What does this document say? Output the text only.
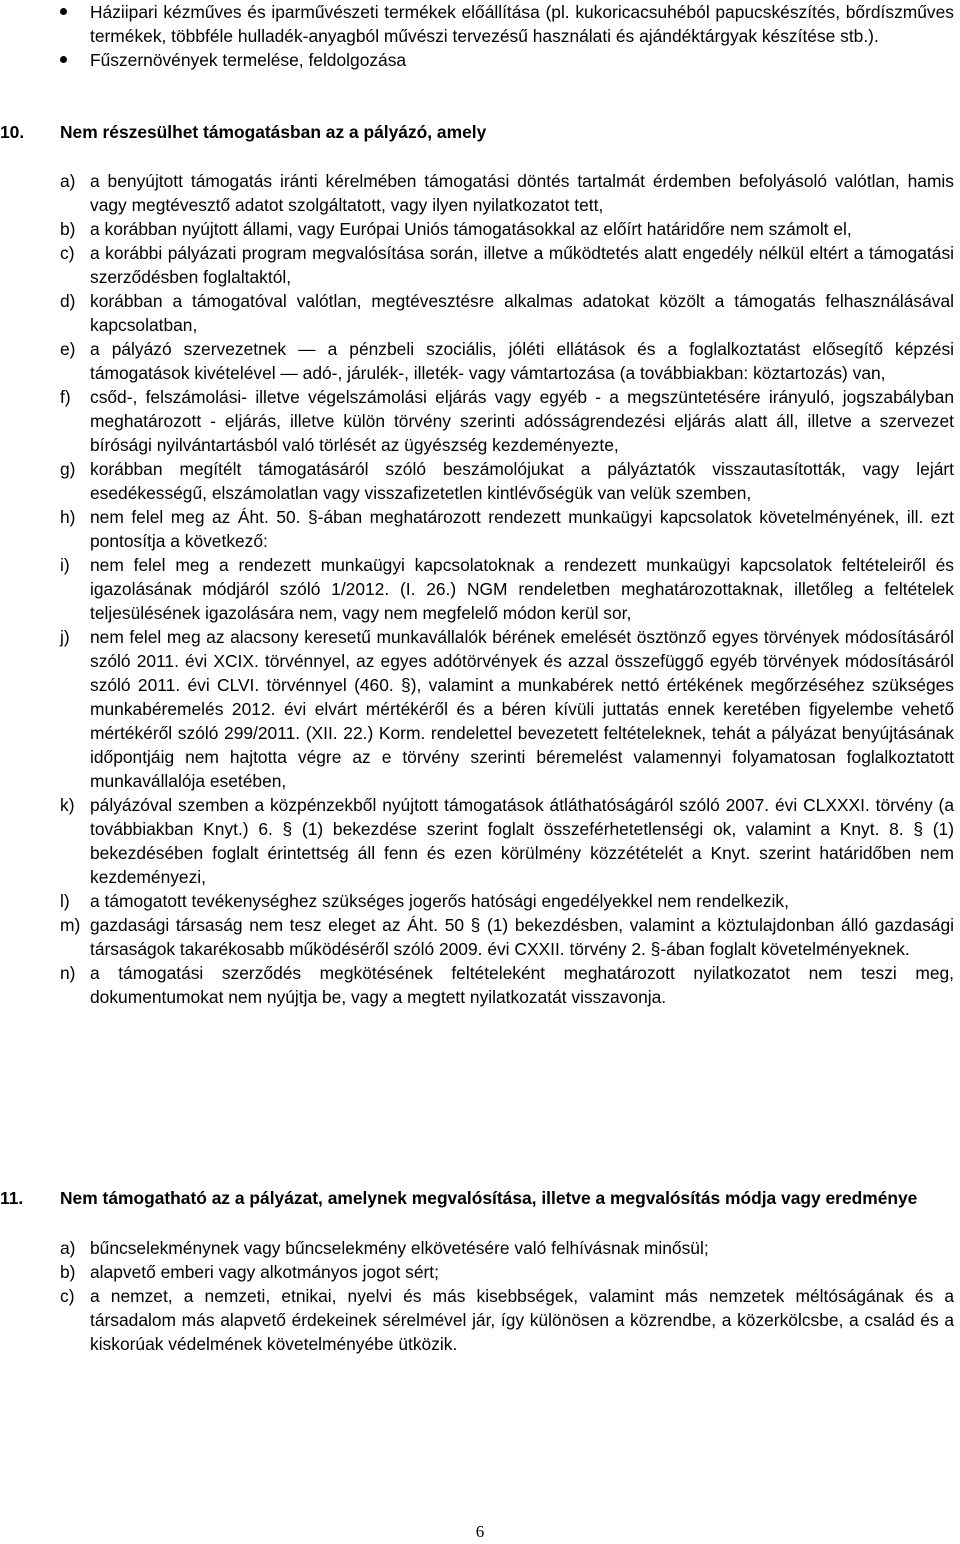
Háziipari kézműves és iparművészeti termékek előállítása (pl. kukoricacsuhéból papucskészítés, bőrdíszműves termékek, többféle hulladék-anyagból művészi tervezésű használati és ajándéktárgyak készítése stb.).
Fűszernövények termelése, feldolgozása
10. Nem részesülhet támogatásban az a pályázó, amely
a) a benyújtott támogatás iránti kérelmében támogatási döntés tartalmát érdemben befolyásoló valótlan, hamis vagy megtévesztő adatot szolgáltatott, vagy ilyen nyilatkozatot tett,
b) a korábban nyújtott állami, vagy Európai Uniós támogatásokkal az előírt határidőre nem számolt el,
c) a korábbi pályázati program megvalósítása során, illetve a működtetés alatt engedély nélkül eltért a támogatási szerződésben foglaltaktól,
d) korábban a támogatóval valótlan, megtévesztésre alkalmas adatokat közölt a támogatás felhasználásával kapcsolatban,
e) a pályázó szervezetnek — a pénzbeli szociális, jóléti ellátások és a foglalkoztatást elősegítő képzési támogatások kivételével — adó-, járulék-, illeték- vagy vámtartozása (a továbbiakban: köztartozás) van,
f) csőd-, felszámolási- illetve végelszámolási eljárás vagy egyéb - a megszüntetésére irányuló, jogszabályban meghatározott - eljárás, illetve külön törvény szerinti adósságrendezési eljárás alatt áll, illetve a szervezet bírósági nyilvántartásból való törlését az ügyészség kezdeményezte,
g) korábban megítélt támogatásáról szóló beszámolójukat a pályáztatók visszautasították, vagy lejárt esedékességű, elszámolatlan vagy visszafizetetlen kintlévőségük van velük szemben,
h) nem felel meg az Áht. 50. §-ában meghatározott rendezett munkaügyi kapcsolatok követelményének, ill. ezt pontosítja a következő:
i) nem felel meg a rendezett munkaügyi kapcsolatoknak a rendezett munkaügyi kapcsolatok feltételeiről és igazolásának módjáról szóló 1/2012. (I. 26.) NGM rendeletben meghatározottaknak, illetőleg a feltételek teljesülésének igazolására nem, vagy nem megfelelő módon kerül sor,
j) nem felel meg az alacsony keresetű munkavállalók bérének emelését ösztönző egyes törvények módosításáról szóló 2011. évi XCIX. törvénnyel, az egyes adótörvények és azzal összefüggő egyéb törvények módosításáról szóló 2011. évi CLVI. törvénnyel (460. §), valamint a munkabérek nettó értékének megőrzéséhez szükséges munkabéremelés 2012. évi elvárt mértékéről és a béren kívüli juttatás ennek keretében figyelembe vehető mértékéről szóló 299/2011. (XII. 22.) Korm. rendelettel bevezetett feltételeknek, tehát a pályázat benyújtásának időpontjáig nem hajtotta végre az e törvény szerinti béremelést valamennyi folyamatosan foglalkoztatott munkavállalója esetében,
k) pályázóval szemben a közpénzekből nyújtott támogatások átláthatóságáról szóló 2007. évi CLXXXI. törvény (a továbbiakban Knyt.) 6. § (1) bekezdése szerint foglalt összeférhetetlenségi ok, valamint a Knyt. 8. § (1) bekezdésében foglalt érintettség áll fenn és ezen körülmény közzétételét a Knyt. szerint határidőben nem kezdeményezi,
l) a támogatott tevékenységhez szükséges jogerős hatósági engedélyekkel nem rendelkezik,
m) gazdasági társaság nem tesz eleget az Áht. 50 § (1) bekezdésben, valamint a köztulajdonban álló gazdasági társaságok takarékosabb működéséről szóló 2009. évi CXXII. törvény 2. §-ában foglalt követelményeknek.
n) a támogatási szerződés megkötésének feltételeként meghatározott nyilatkozatot nem teszi meg, dokumentumokat nem nyújtja be, vagy a megtett nyilatkozatát visszavonja.
11. Nem támogatható az a pályázat, amelynek megvalósítása, illetve a megvalósítás módja vagy eredménye
a) bűncselekménynek vagy bűncselekmény elkövetésére való felhívásnak minősül;
b) alapvető emberi vagy alkotmányos jogot sért;
c) a nemzet, a nemzeti, etnikai, nyelvi és más kisebbségek, valamint más nemzetek méltóságának és a társadalom más alapvető érdekeinek sérelmével jár, így különösen a közrendbe, a közerkölcsbe, a család és a kiskorúak védelmének követelményébe ütközik.
6
